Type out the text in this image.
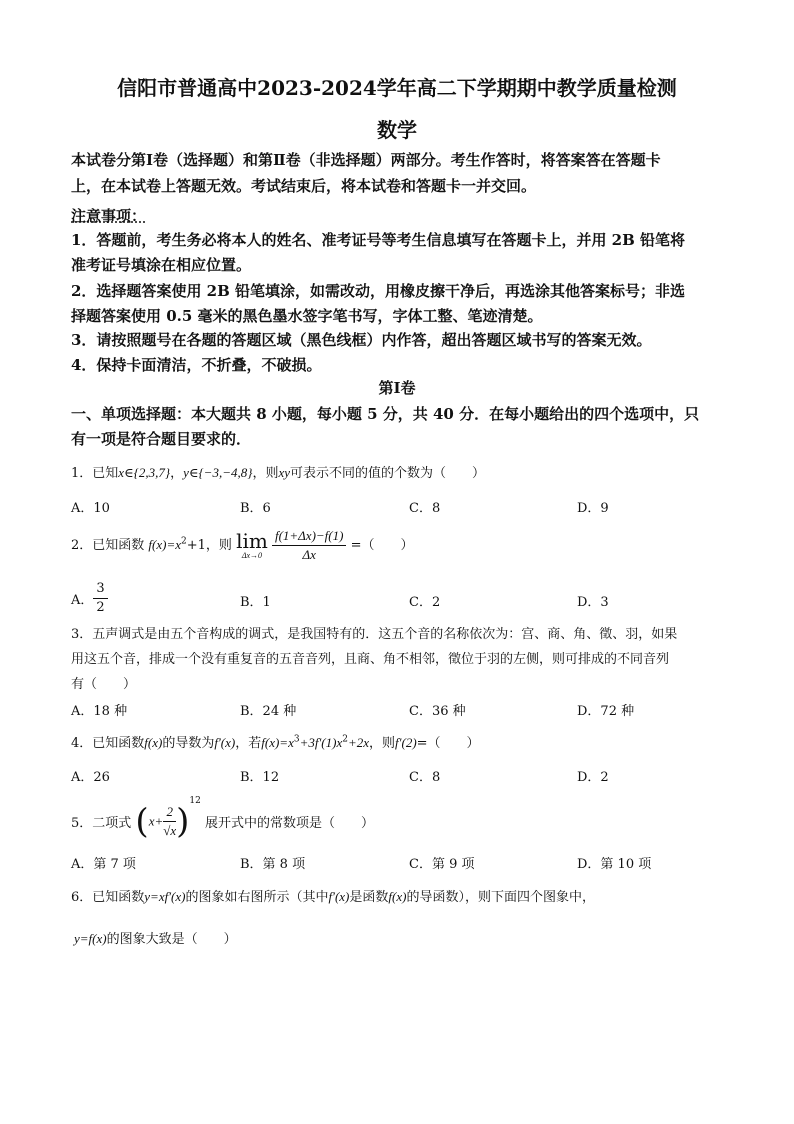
信阳市普通高中2023-2024学年高二下学期期中教学质量检测
数学
本试卷分第Ⅰ卷（选择题）和第Ⅱ卷（非选择题）两部分。考生作答时，将答案答在答题卡
上，在本试卷上答题无效。考试结束后，将本试卷和答题卡一并交回。
注意事项：
1．答题前，考生务必将本人的姓名、准考证号等考生信息填写在答题卡上，并用 2B 铅笔将
准考证号填涂在相应位置。
2．选择题答案使用 2B 铅笔填涂，如需改动，用橡皮擦干净后，再选涂其他答案标号；非选
择题答案使用 0.5 毫米的黑色墨水签字笔书写，字体工整、笔迹清楚。
3．请按照题号在各题的答题区域（黑色线框）内作答，超出答题区域书写的答案无效。
4．保持卡面清洁，不折叠，不破损。
第Ⅰ卷
一、单项选择题：本大题共 8 小题，每小题 5 分，共 40 分．在每小题给出的四个选项中，只
有一项是符合题目要求的．
1．已知x∈{2,3,7}，y∈{−3,−4,8}，则xy可表示不同的值的个数为（　　）
A．10	B．6	C．8	D．9
2．已知函数 $f(x)=x^2+1$，则 lim
Δx→0
$\frac{f(1+\Delta x)-f(1)}{\Delta x}$ =（　　）
A． $\frac{3}{2}$	B．1	C．2	D．3
3．五声调式是由五个音构成的调式，是我国特有的．这五个音的名称依次为：宫、商、角、徵、羽，如果
用这五个音，排成一个没有重复音的五音音列，且商、角不相邻，徵位于羽的左侧，则可排成的不同音列
有（　　）
A．18 种	B．24 种	C．36 种	D．72 种
4．已知函数f(x)的导数为f′(x)，若$f(x)=x^3+3f'(1)x^2+2x$，则f′(2)=（　　）
A．26	B．12	C．8	D．2
5．二项式 $(x+ \frac{2}{√x} )^{12}$ 展开式中的常数项是（　　）
A．第 7 项	B．第 8 项	C．第 9 项	D．第 10 项
6．已知函数y=xf′(x)的图象如右图所示（其中f′(x)是函数f(x)的导函数），则下面四个图象中，
y=f(x)的图象大致是（　　）
